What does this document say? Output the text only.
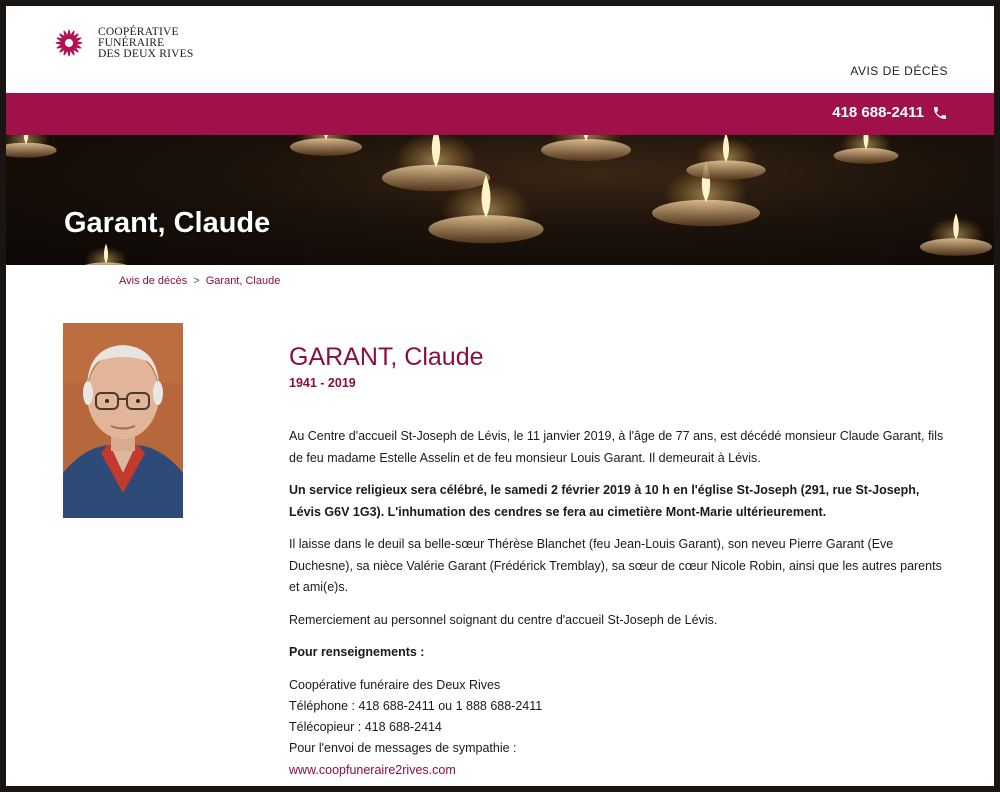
COOPÉRATIVE
FUNÉRAIRE
DES DEUX RIVES
AVIS DE DÉCÈS
418 688-2411
Garant, Claude
Avis de décès > Garant, Claude
GARANT, Claude
1941 - 2019

Au Centre d'accueil St-Joseph de Lévis, le 11 janvier 2019, à l'âge de 77 ans, est décédé monsieur Claude Garant, fils de feu madame Estelle Asselin et de feu monsieur Louis Garant. Il demeurait à Lévis.

Un service religieux sera célébré, le samedi 2 février 2019 à 10 h en l'église St-Joseph (291, rue St-Joseph, Lévis G6V 1G3). L'inhumation des cendres se fera au cimetière Mont-Marie ultérieurement.

Il laisse dans le deuil sa belle-sœur Thérèse Blanchet (feu Jean-Louis Garant), son neveu Pierre Garant (Eve Duchesne), sa nièce Valérie Garant (Frédérick Tremblay), sa sœur de cœur Nicole Robin, ainsi que les autres parents et ami(e)s.

Remerciement au personnel soignant du centre d'accueil St-Joseph de Lévis.

Pour renseignements :

Coopérative funéraire des Deux Rives
Téléphone : 418 688-2411 ou 1 888 688-2411
Télécopieur : 418 688-2414
Pour l'envoi de messages de sympathie :
www.coopfuneraire2rives.com
